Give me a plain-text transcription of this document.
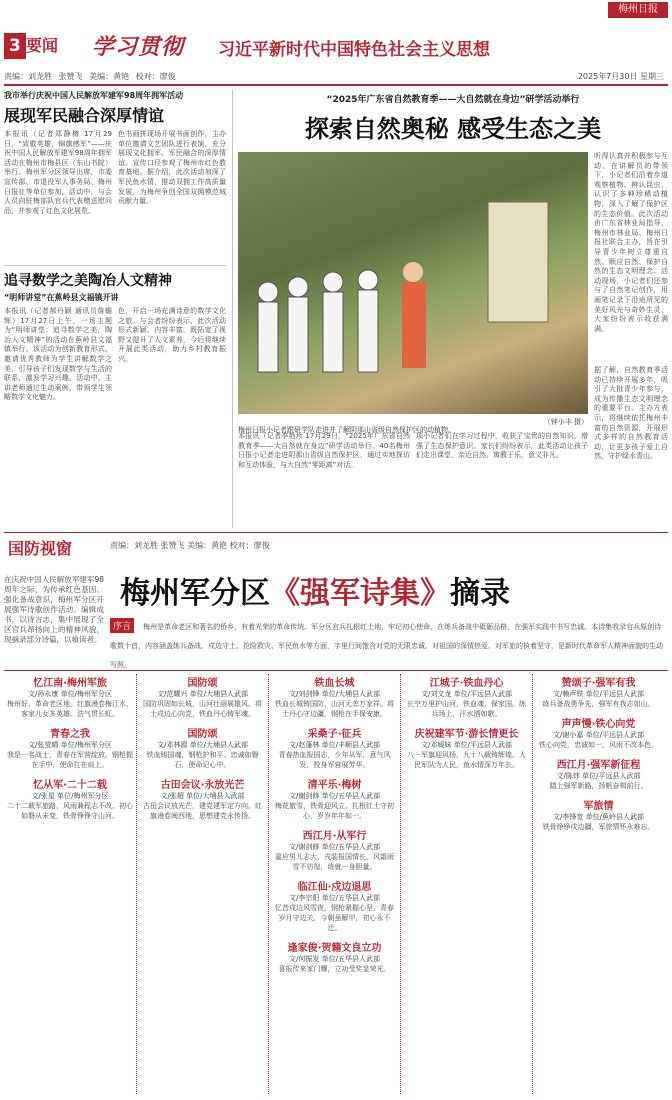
3 要闻 学习贯彻 习近平新时代中国特色社会主义思想
梅州日报
责编：刘龙胜 张赞飞 美编：黄艳 校对：廖俊	2025年7月30日 星期三
我市举行庆祝中国人民解放军建军98周年拥军活动
展现军民融合深厚情谊
本报讯（记者郑静樽 17月29日，“致敬英雄，锦旗感军”——庆祝中国人民解放军建军98周年拥军活动在梅州市梅县区（东山书院）举行。梅州军分区领导出席，市委宣传部、市退役军人事务局、梅州日报社等单位参加。活动中，与会人员向驻梅部队官兵代表赠送慰问品，并参观了红色文化展览。
色书画拼现场开展书画创作，主办单位邀请文艺团队进行表演，充分展现文化拥军、军民融合的深厚情谊。宣传口径参观了梅州市红色教育基地。据介绍，此次活动加深了军民鱼水情，推动双拥工作高质量发展，为梅州争创全国双拥模范城贡献力量。
追寻数学之美陶冶人文精神
“明师讲堂”在蕉岭县文福镇开讲
本报讯（记者郝丹颖 通讯员詹蟾辉）17月27日上午，一场主题为“明师讲堂：追寻数学之美，陶冶人文精神”的活动在蕉岭县文福镇举行。该活动为创新教育形式，邀请优秀教师为学生讲解数学之美，引导孩子们发现数学与生活的联系，激发学习兴趣。活动中，主讲老师通过生动案例，带领学生领略数学文化魅力。
色，开启一场充满诗意的数学文化之旅。与会者纷纷表示，此次活动形式新颖、内容丰富，既拓宽了视野又提升了人文素养，今后将继续开展此类活动，助力乡村教育振兴。
“2025年广东省自然教育季——大自然就在身边”研学活动举行
探索自然奥秘 感受生态之美
梅州日报小记者跟研学队走进并了解阴那山省级自然保护区的动植物。
（钟小丰 摄）
本报讯（记者李艳珍 17月29日，“2025年广东省自然教育季——大自然就在身边”研学活动举行。40名梅州日报小记者走进阴那山省级自然保护区，通过实地探访和互动体验，与大自然“零距离”对话。
项小记者们在学习过程中，收获了宝贵的自然知识，增强了生态保护意识。家长们纷纷表示，此类活动让孩子们走出课堂，亲近自然，寓教于乐，意义非凡。
听得认真并积极参与互动。在讲解员的带领下，小记者们沿着步道观察植物、辨认昆虫，认识了多种珍稀动植物，深入了解了保护区的生态价值。此次活动由广东省林业局指导，梅州市林业局、梅州日报社联合主办，旨在引导青少年树立尊重自然、顺应自然、保护自然的生态文明理念。活动现场，小记者们还参与了自然笔记创作，用画笔记录下沿途所见的美好风光与奇妙生灵，大家纷纷表示收获满满。
据了解，自然教育季活动已持续开展多年，吸引了大批青少年参与，成为传播生态文明理念的重要平台。主办方表示，将继续依托梅州丰富的自然资源，开展形式多样的自然教育活动，让更多孩子爱上自然，守护绿水青山。
国防视窗	责编：刘龙胜 张赞飞 美编：黄艳 校对：廖俊
梅州军分区《强军诗集》摘录
在庆祝中国人民解放军建军98周年之际，为传承红色基因、强化备战意识，梅州军分区开展强军诗歌创作活动。编辑成书，以诗言志，集中展现了全区官兵昂扬向上的精神风貌，现摘录部分诗篇，以飨读者。
序言 梅州是革命老区和著名的侨乡，有着光荣的革命传统。军分区官兵扎根红土地，牢记初心使命，在练兵备战中砥砺品格，在强军实践中书写忠诚。本诗集收录官兵原创诗歌数十首，内容涵盖练兵备战、戍边守土、抢险救灾、军民鱼水等方面，字里行间饱含对党的无限忠诚、对祖国的深情热爱、对军旅的执着坚守，是新时代革命军人精神面貌的生动写照。
忆江南·梅州军旅
文/孙永康 单位/梅州军分区
梅州好，革命老区地。红旗漫卷梅江水，客家儿女多英雄。浩气贯长虹。
青春之我
文/张莹晴 单位/梅州军分区
我是一名战士，青春在军营绽放。钢枪握在手中，使命扛在肩上。
忆从军·二十二载
文/张星 单位/梅州军分区
二十二载军旅路，风雨兼程志不改。初心如磐从未变，铁骨铮铮守山河。
国防颂
文/范耀兴 单位/大埔县人武部
国防巩固如长城，山河壮丽展雄风。将士戍边心向党，铁血丹心铸军魂。
国防颂
文/邓林源 单位/大埔县人武部
铁血铸国魂，钢枪护和平。忠诚如磐石，使命记心中。
古田会议·永放光芒
文/张超 单位/大埔县人武部
古田会议放光芒，建党建军定方向。红旗漫卷闽西地，思想建党永传扬。
铁血长城
文/刘剑锋 单位/大埔县人武部
铁血长城铸国防，山河无恙万家祥。将士丹心守边疆，钢枪在手保安康。
采桑子·征兵
文/赵蓬林 单位/丰顺县人武部
青春热血报国志，少年从军，意气风发，投身军营展芳华。
清平乐·梅树
文/谢剑修 单位/五华县人武部
梅花傲雪，铁骨迎风立。扎根红土守初心，岁岁年年如一。
西江月·从军行
文/谢剑修 单位/五华县人武部
嘉应男儿志大，戎装报国情长。风霜雨雪不彷徨，练就一身胆量。
临江仙·戍边退思
文/李宗阳 单位/五华县人武部
忆昔戍边风雪夜，钢枪紧握心坚。青春岁月守边关，今朝虽解甲，初心永不迁。
逢家俊·贺籍文良立功
文/何振发 单位/五华县人武部
喜报传来家门耀，立功受奖显荣光。
江城子·铁血丹心
文/刘文龙 单位/平远县人武部
长空万里护山河，铁血魂，保家国。练兵场上，汗水洒如歌。
庆祝建军节·游长情更长
文/邓媛妹 单位/平远县人武部
八一军旗迎风扬，九十八载铸辉煌。人民军队为人民，鱼水情深万年长。
赞颂子·强军有我
文/赖声铁 单位/平远县人武部
练兵备战勇争先，强军有我志如山。
声声慢·铁心向党
文/谢小嘉 单位/平远县人武部
铁心向党，忠诚如一，风雨不改本色。
西江月·强军新征程
文/陈炜 单位/平远县人武部
踏上强军新路，扬帆奋楫前行。
军旅情
文/李锋宽 单位/蕉岭县人武部
铁骨铮铮戍边疆，军旅情怀永难忘。
